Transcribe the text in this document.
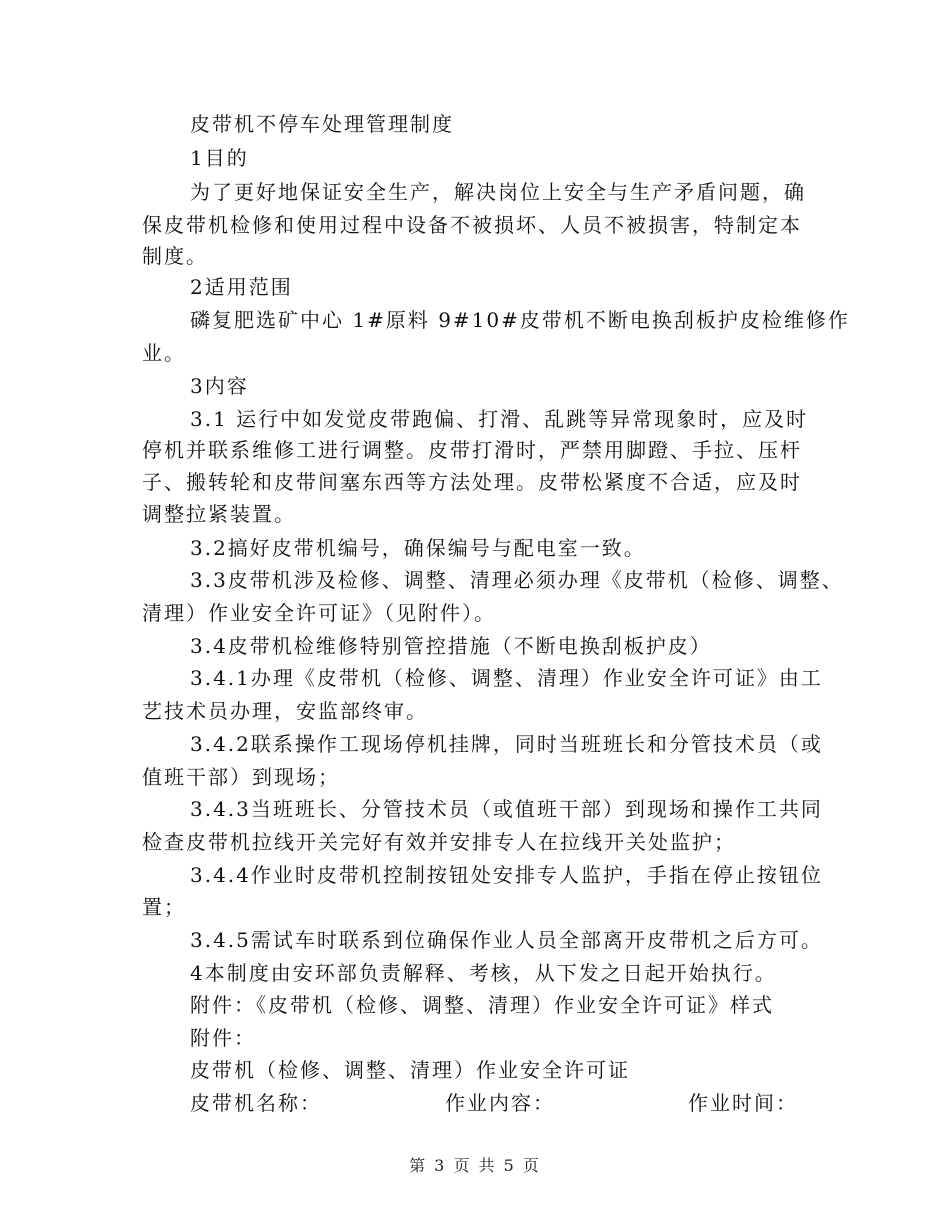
皮带机不停车处理管理制度
1目的
为了更好地保证安全生产，解决岗位上安全与生产矛盾问题，确
保皮带机检修和使用过程中设备不被损坏、人员不被损害，特制定本
制度。
2适用范围
磷复肥选矿中心 1#原料 9#10#皮带机不断电换刮板护皮检维修作
业。
3内容
3.1 运行中如发觉皮带跑偏、打滑、乱跳等异常现象时，应及时
停机并联系维修工进行调整。皮带打滑时，严禁用脚蹬、手拉、压杆
子、搬转轮和皮带间塞东西等方法处理。皮带松紧度不合适，应及时
调整拉紧装置。
3.2搞好皮带机编号，确保编号与配电室一致。
3.3皮带机涉及检修、调整、清理必须办理《皮带机（检修、调整、
清理）作业安全许可证》（见附件）。
3.4皮带机检维修特别管控措施（不断电换刮板护皮）
3.4.1办理《皮带机（检修、调整、清理）作业安全许可证》由工
艺技术员办理，安监部终审。
3.4.2联系操作工现场停机挂牌，同时当班班长和分管技术员（或
值班干部）到现场；
3.4.3当班班长、分管技术员（或值班干部）到现场和操作工共同
检查皮带机拉线开关完好有效并安排专人在拉线开关处监护；
3.4.4作业时皮带机控制按钮处安排专人监护，手指在停止按钮位
置；
3.4.5需试车时联系到位确保作业人员全部离开皮带机之后方可。
4本制度由安环部负责解释、考核，从下发之日起开始执行。
附件：《皮带机（检修、调整、清理）作业安全许可证》样式
附件：
皮带机（检修、调整、清理）作业安全许可证
皮带机名称：	作业内容：	作业时间：
第 3 页 共 5 页
